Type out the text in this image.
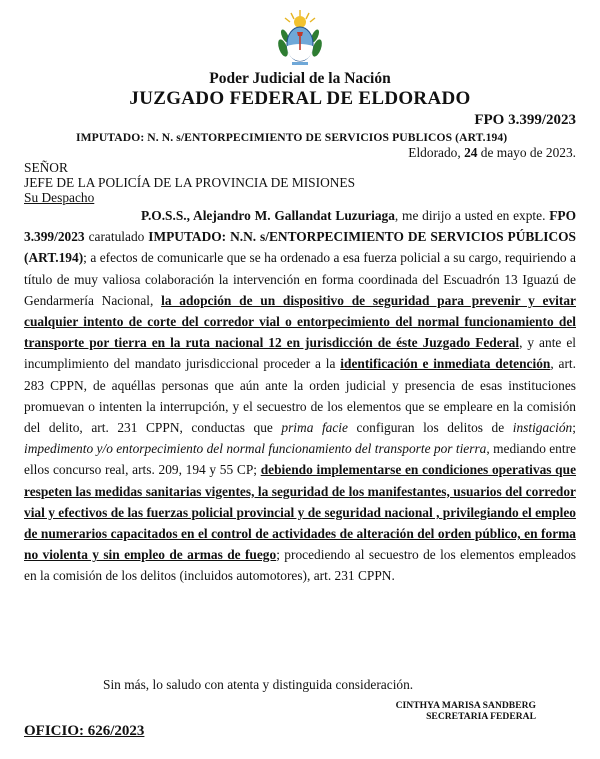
Poder Judicial de la Nación
JUZGADO FEDERAL DE ELDORADO
FPO 3.399/2023
IMPUTADO: N. N. s/ENTORPECIMIENTO DE SERVICIOS PUBLICOS (ART.194)
Eldorado, 24 de mayo de 2023.
SEÑOR
JEFE DE LA POLICÍA DE LA PROVINCIA DE MISIONES
Su Despacho

P.O.S.S., Alejandro M. Gallandat Luzuriaga, me dirijo a usted en expte. FPO 3.399/2023 caratulado IMPUTADO: N.N. s/ENTORPECIMIENTO DE SERVICIOS PÚBLICOS (ART.194); a efectos de comunicarle que se ha ordenado a esa fuerza policial a su cargo, requiriendo a título de muy valiosa colaboración la intervención en forma coordinada del Escuadrón 13 Iguazú de Gendarmería Nacional, la adopción de un dispositivo de seguridad para prevenir y evitar cualquier intento de corte del corredor vial o entorpecimiento del normal funcionamiento del transporte por tierra en la ruta nacional 12 en jurisdicción de éste Juzgado Federal, y ante el incumplimiento del mandato jurisdiccional proceder a la identificación e inmediata detención, art. 283 CPPN, de aquéllas personas que aún ante la orden judicial y presencia de esas instituciones promuevan o intenten la interrupción, y el secuestro de los elementos que se empleare en la comisión del delito, art. 231 CPPN, conductas que prima facie configuran los delitos de instigación; impedimento y/o entorpecimiento del normal funcionamiento del transporte por tierra, mediando entre ellos concurso real, arts. 209, 194 y 55 CP; debiendo implementarse en condiciones operativas que respeten las medidas sanitarias vigentes, la seguridad de los manifestantes, usuarios del corredor vial y efectivos de las fuerzas policial provincial y de seguridad nacional , privilegiando el empleo de numerarios capacitados en el control de actividades de alteración del orden público, en forma no violenta y sin empleo de armas de fuego; procediendo al secuestro de los elementos empleados en la comisión de los delitos (incluidos automotores), art. 231 CPPN.

Sin más, lo saludo con atenta y distinguida consideración.
CINTHYA MARISA SANDBERG
SECRETARIA FEDERAL
OFICIO: 626/2023
